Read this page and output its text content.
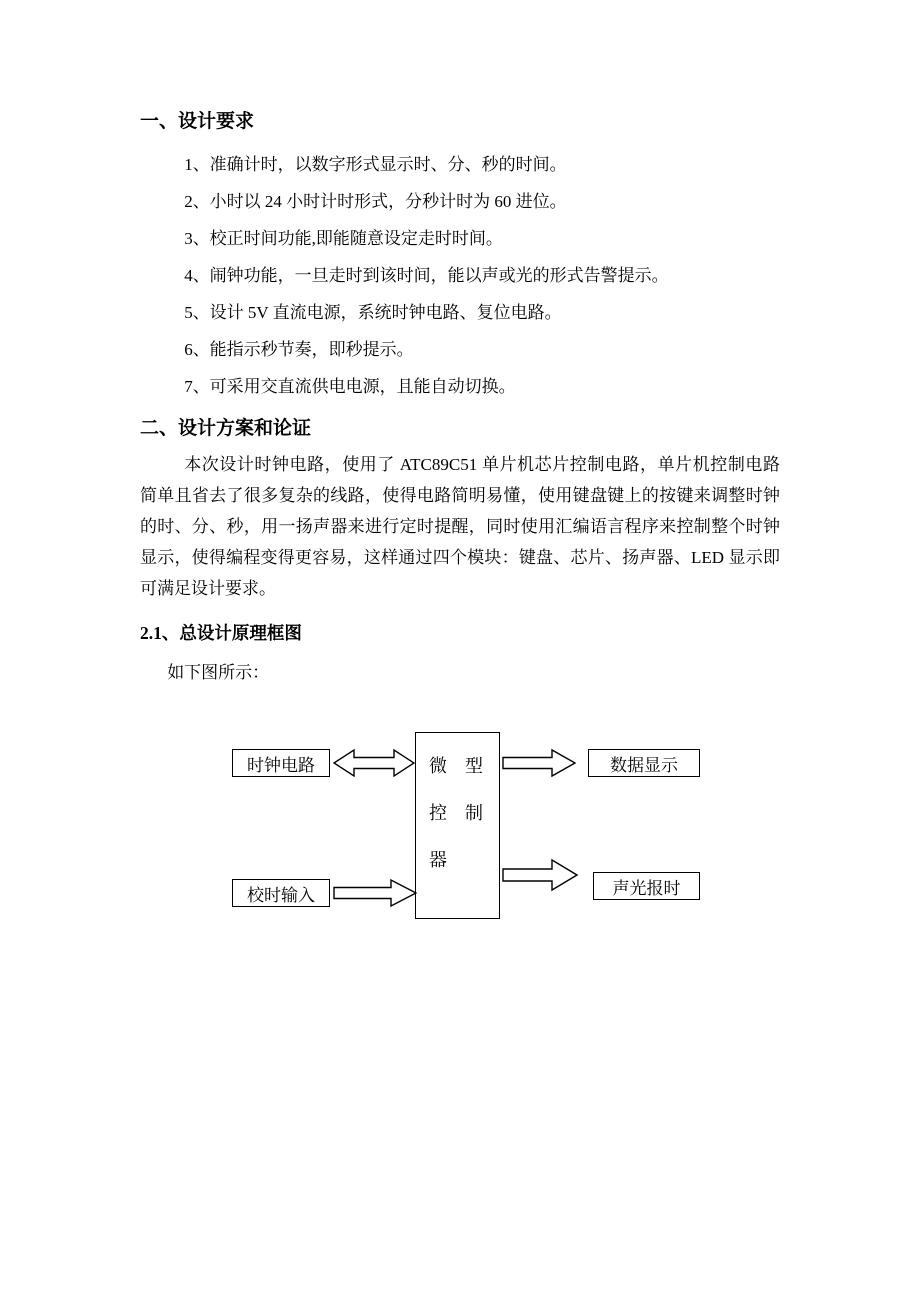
一、设计要求

1、准确计时，以数字形式显示时、分、秒的时间。

2、小时以 24 小时计时形式，分秒计时为 60 进位。

3、校正时间功能,即能随意设定走时时间。

4、闹钟功能，一旦走时到该时间，能以声或光的形式告警提示。

5、设计 5V 直流电源，系统时钟电路、复位电路。

6、能指示秒节奏，即秒提示。

7、可采用交直流供电电源，且能自动切换。

二、设计方案和论证

本次设计时钟电路，使用了 ATC89C51 单片机芯片控制电路，单片机控制电路简单且省去了很多复杂的线路，使得电路简明易懂，使用键盘键上的按键来调整时钟的时、分、秒，用一扬声器来进行定时提醒，同时使用汇编语言程序来控制整个时钟显示，使得编程变得更容易，这样通过四个模块：键盘、芯片、扬声器、LED 显示即可满足设计要求。

2.1、总设计原理框图

如下图所示：

时钟电路	微　型
控　制
器
数据显示
校时输入	声光报时
